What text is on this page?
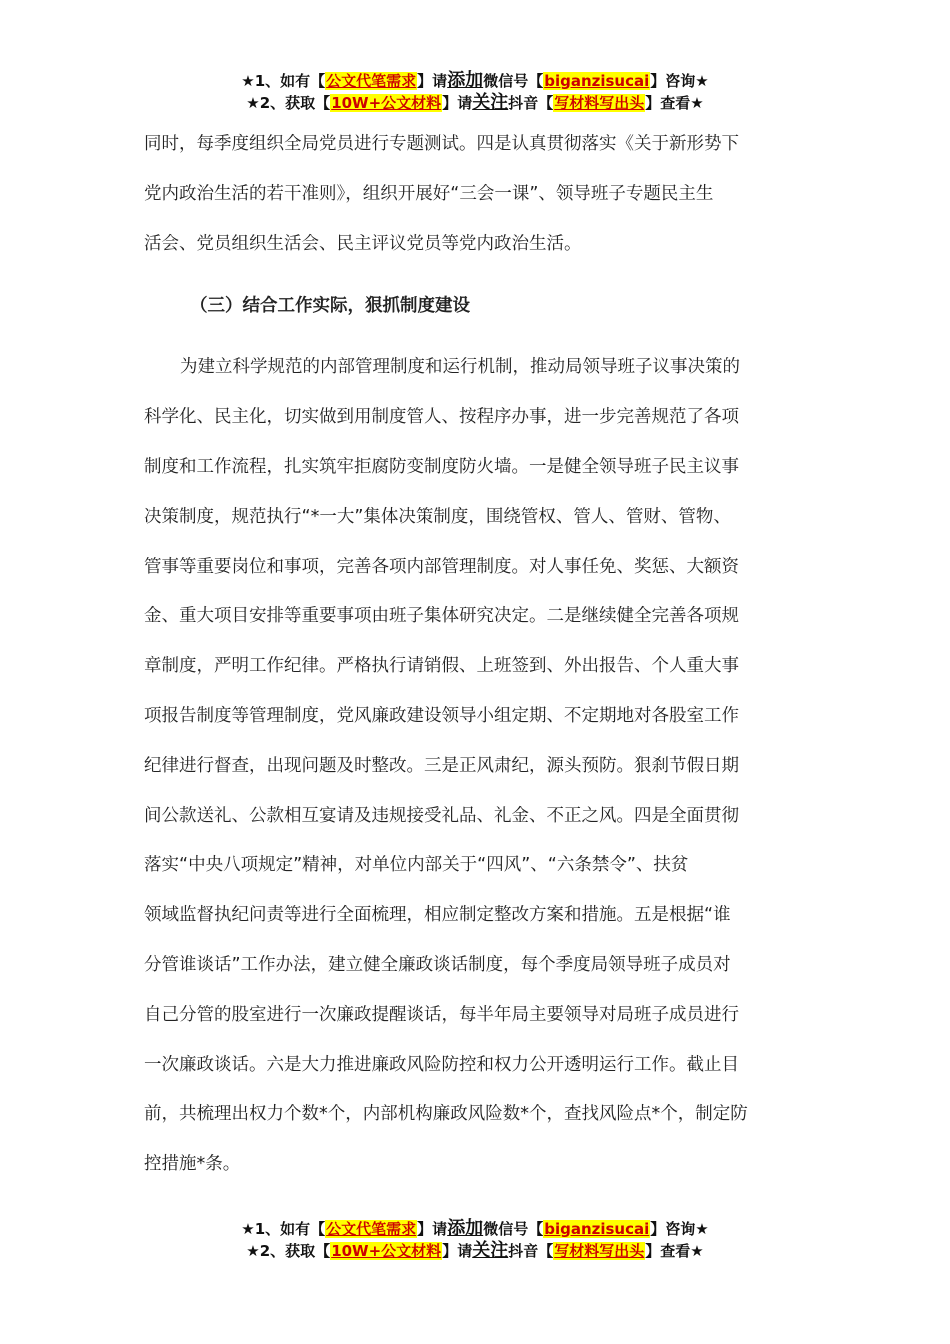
★1、如有【公文代笔需求】请添加微信号【biganzisucai】咨询★
★2、获取【10W+公文材料】请关注抖音【写材料写出头】查看★
同时，每季度组织全局党员进行专题测试。四是认真贯彻落实《关于新形势下
党内政治生活的若干准则》，组织开展好“三会一课”、领导班子专题民主生
活会、党员组织生活会、民主评议党员等党内政治生活。
（三）结合工作实际，狠抓制度建设
为建立科学规范的内部管理制度和运行机制，推动局领导班子议事决策的
科学化、民主化，切实做到用制度管人、按程序办事，进一步完善规范了各项
制度和工作流程，扎实筑牢拒腐防变制度防火墙。一是健全领导班子民主议事
决策制度，规范执行“*一大”集体决策制度，围绕管权、管人、管财、管物、
管事等重要岗位和事项，完善各项内部管理制度。对人事任免、奖惩、大额资
金、重大项目安排等重要事项由班子集体研究决定。二是继续健全完善各项规
章制度，严明工作纪律。严格执行请销假、上班签到、外出报告、个人重大事
项报告制度等管理制度，党风廉政建设领导小组定期、不定期地对各股室工作
纪律进行督查，出现问题及时整改。三是正风肃纪，源头预防。狠刹节假日期
间公款送礼、公款相互宴请及违规接受礼品、礼金、不正之风。四是全面贯彻
落实“中央八项规定”精神，对单位内部关于“四风”、“六条禁令”、扶贫
领域监督执纪问责等进行全面梳理，相应制定整改方案和措施。五是根据“谁
分管谁谈话”工作办法，建立健全廉政谈话制度，每个季度局领导班子成员对
自己分管的股室进行一次廉政提醒谈话，每半年局主要领导对局班子成员进行
一次廉政谈话。六是大力推进廉政风险防控和权力公开透明运行工作。截止目
前，共梳理出权力个数*个，内部机构廉政风险数*个，查找风险点*个，制定防
控措施*条。
★1、如有【公文代笔需求】请添加微信号【biganzisucai】咨询★
★2、获取【10W+公文材料】请关注抖音【写材料写出头】查看★
